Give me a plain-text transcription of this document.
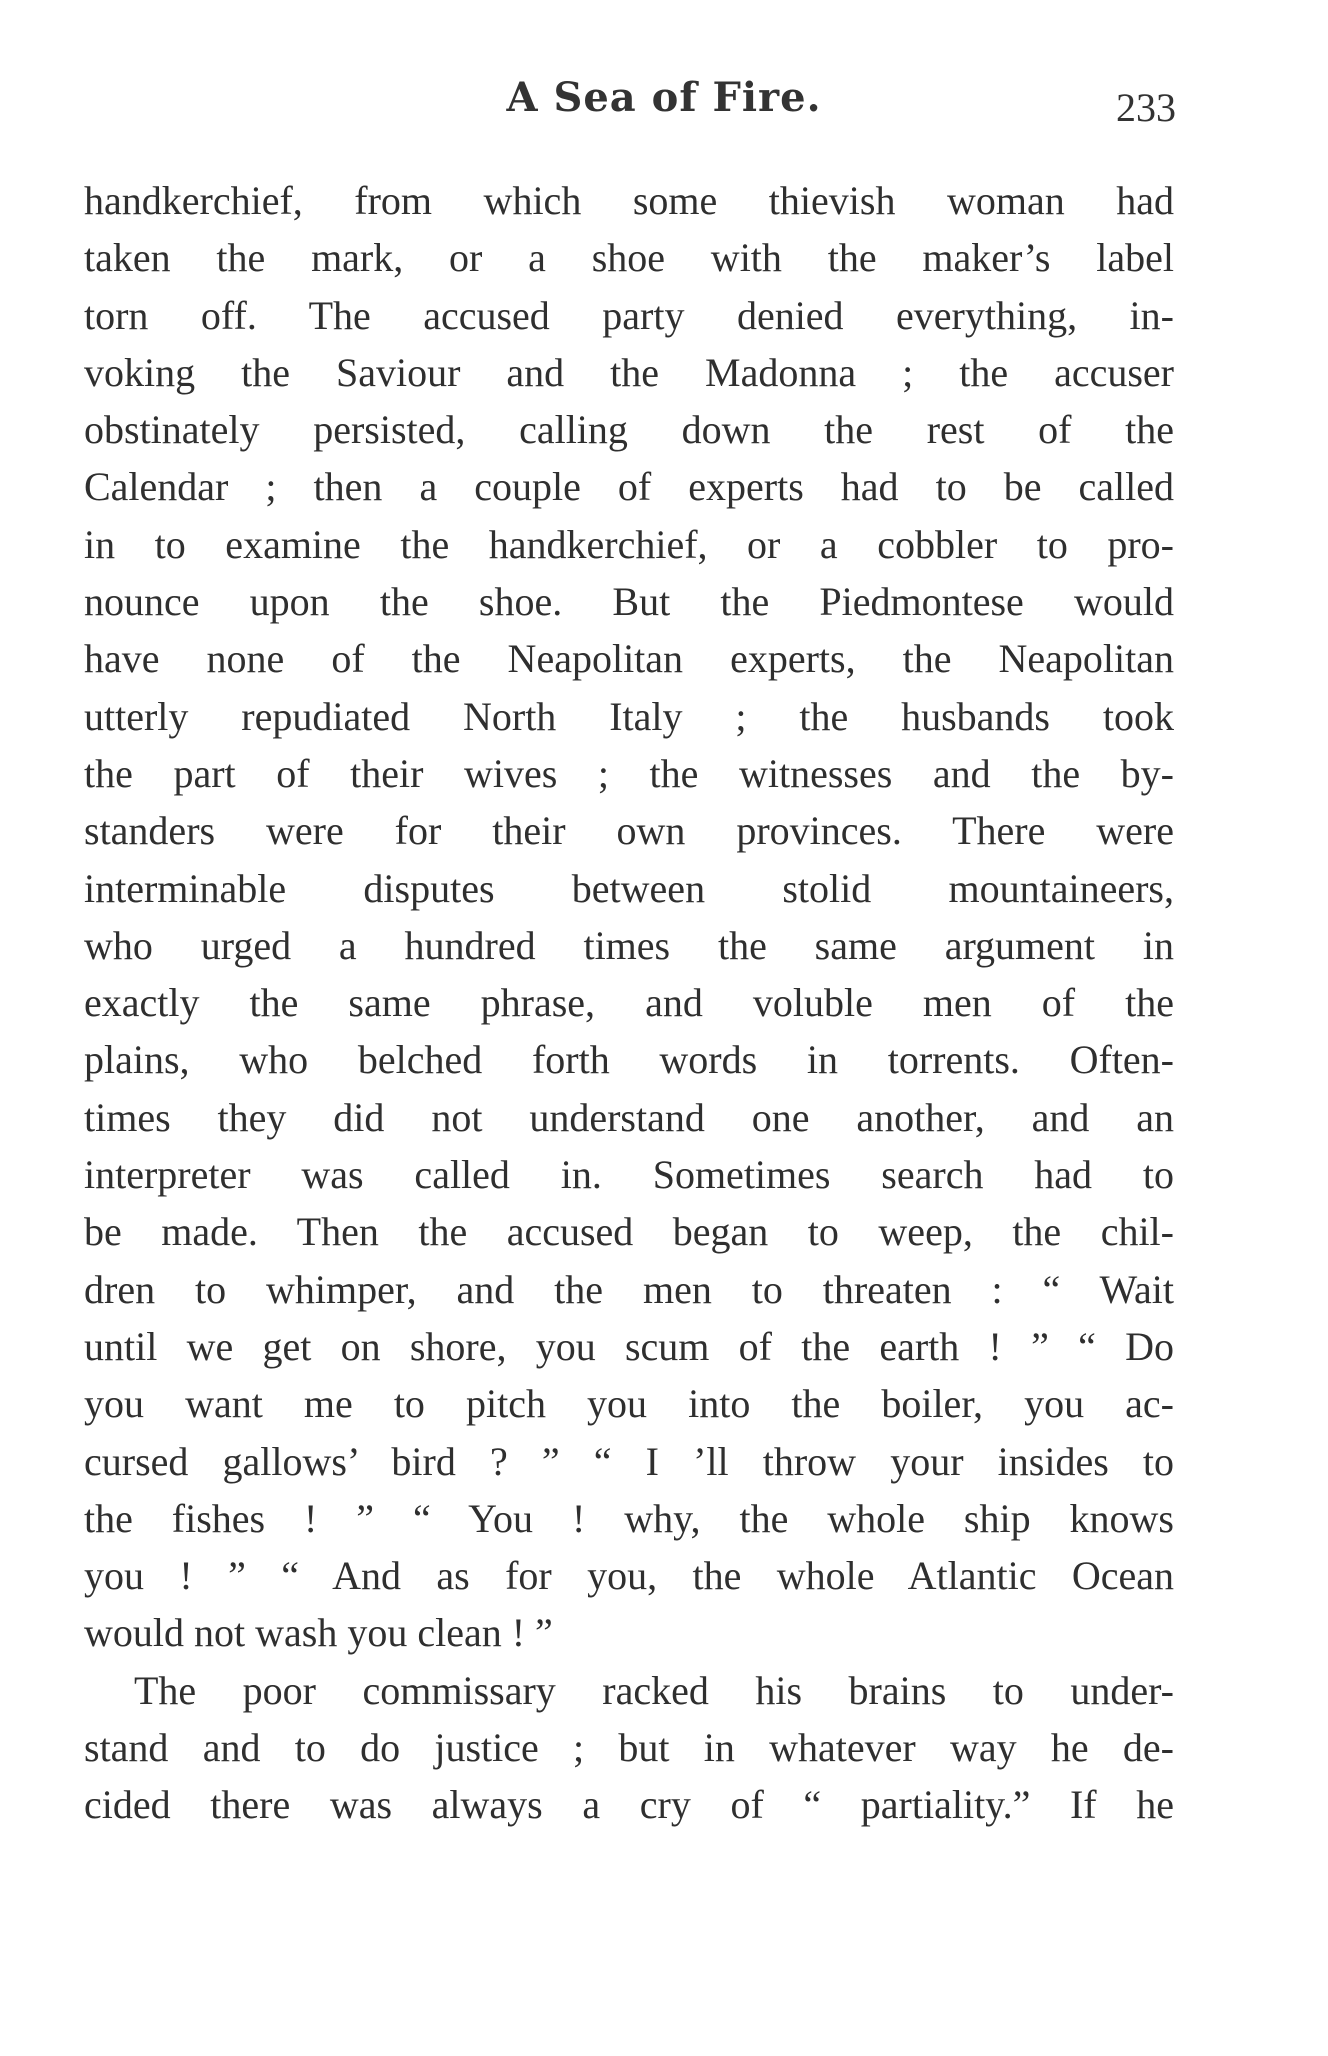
A Sea of Fire.	233
handkerchief, from which some thievish woman had
taken the mark, or a shoe with the maker’s label
torn off. The accused party denied everything, in-
voking the Saviour and the Madonna ; the accuser
obstinately persisted, calling down the rest of the
Calendar ; then a couple of experts had to be called
in to examine the handkerchief, or a cobbler to pro-
nounce upon the shoe. But the Piedmontese would
have none of the Neapolitan experts, the Neapolitan
utterly repudiated North Italy ; the husbands took
the part of their wives ; the witnesses and the by-
standers were for their own provinces. There were
interminable disputes between stolid mountaineers,
who urged a hundred times the same argument in
exactly the same phrase, and voluble men of the
plains, who belched forth words in torrents. Often-
times they did not understand one another, and an
interpreter was called in. Sometimes search had to
be made. Then the accused began to weep, the chil-
dren to whimper, and the men to threaten : “ Wait
until we get on shore, you scum of the earth ! ” “ Do
you want me to pitch you into the boiler, you ac-
cursed gallows’ bird ? ” “ I ’ll throw your insides to
the fishes ! ” “ You ! why, the whole ship knows
you ! ” “ And as for you, the whole Atlantic Ocean
would not wash you clean ! ”
The poor commissary racked his brains to under-
stand and to do justice ; but in whatever way he de-
cided there was always a cry of “ partiality.” If he
